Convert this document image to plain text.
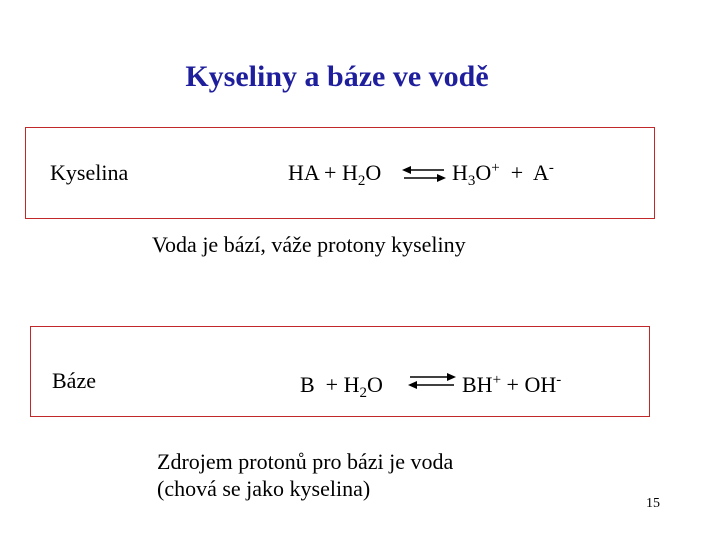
Kyseliny a báze ve vodě
Kyselina	HA + $H_2O$ ⇌ $H_3O^+ + A^-$
Voda je bází, váže protony kyseliny
Báze	$B + H_2O$ ⇌ BH+ + OH-
Zdrojem protonů pro bázi je voda
(chová se jako kyselina)
15
